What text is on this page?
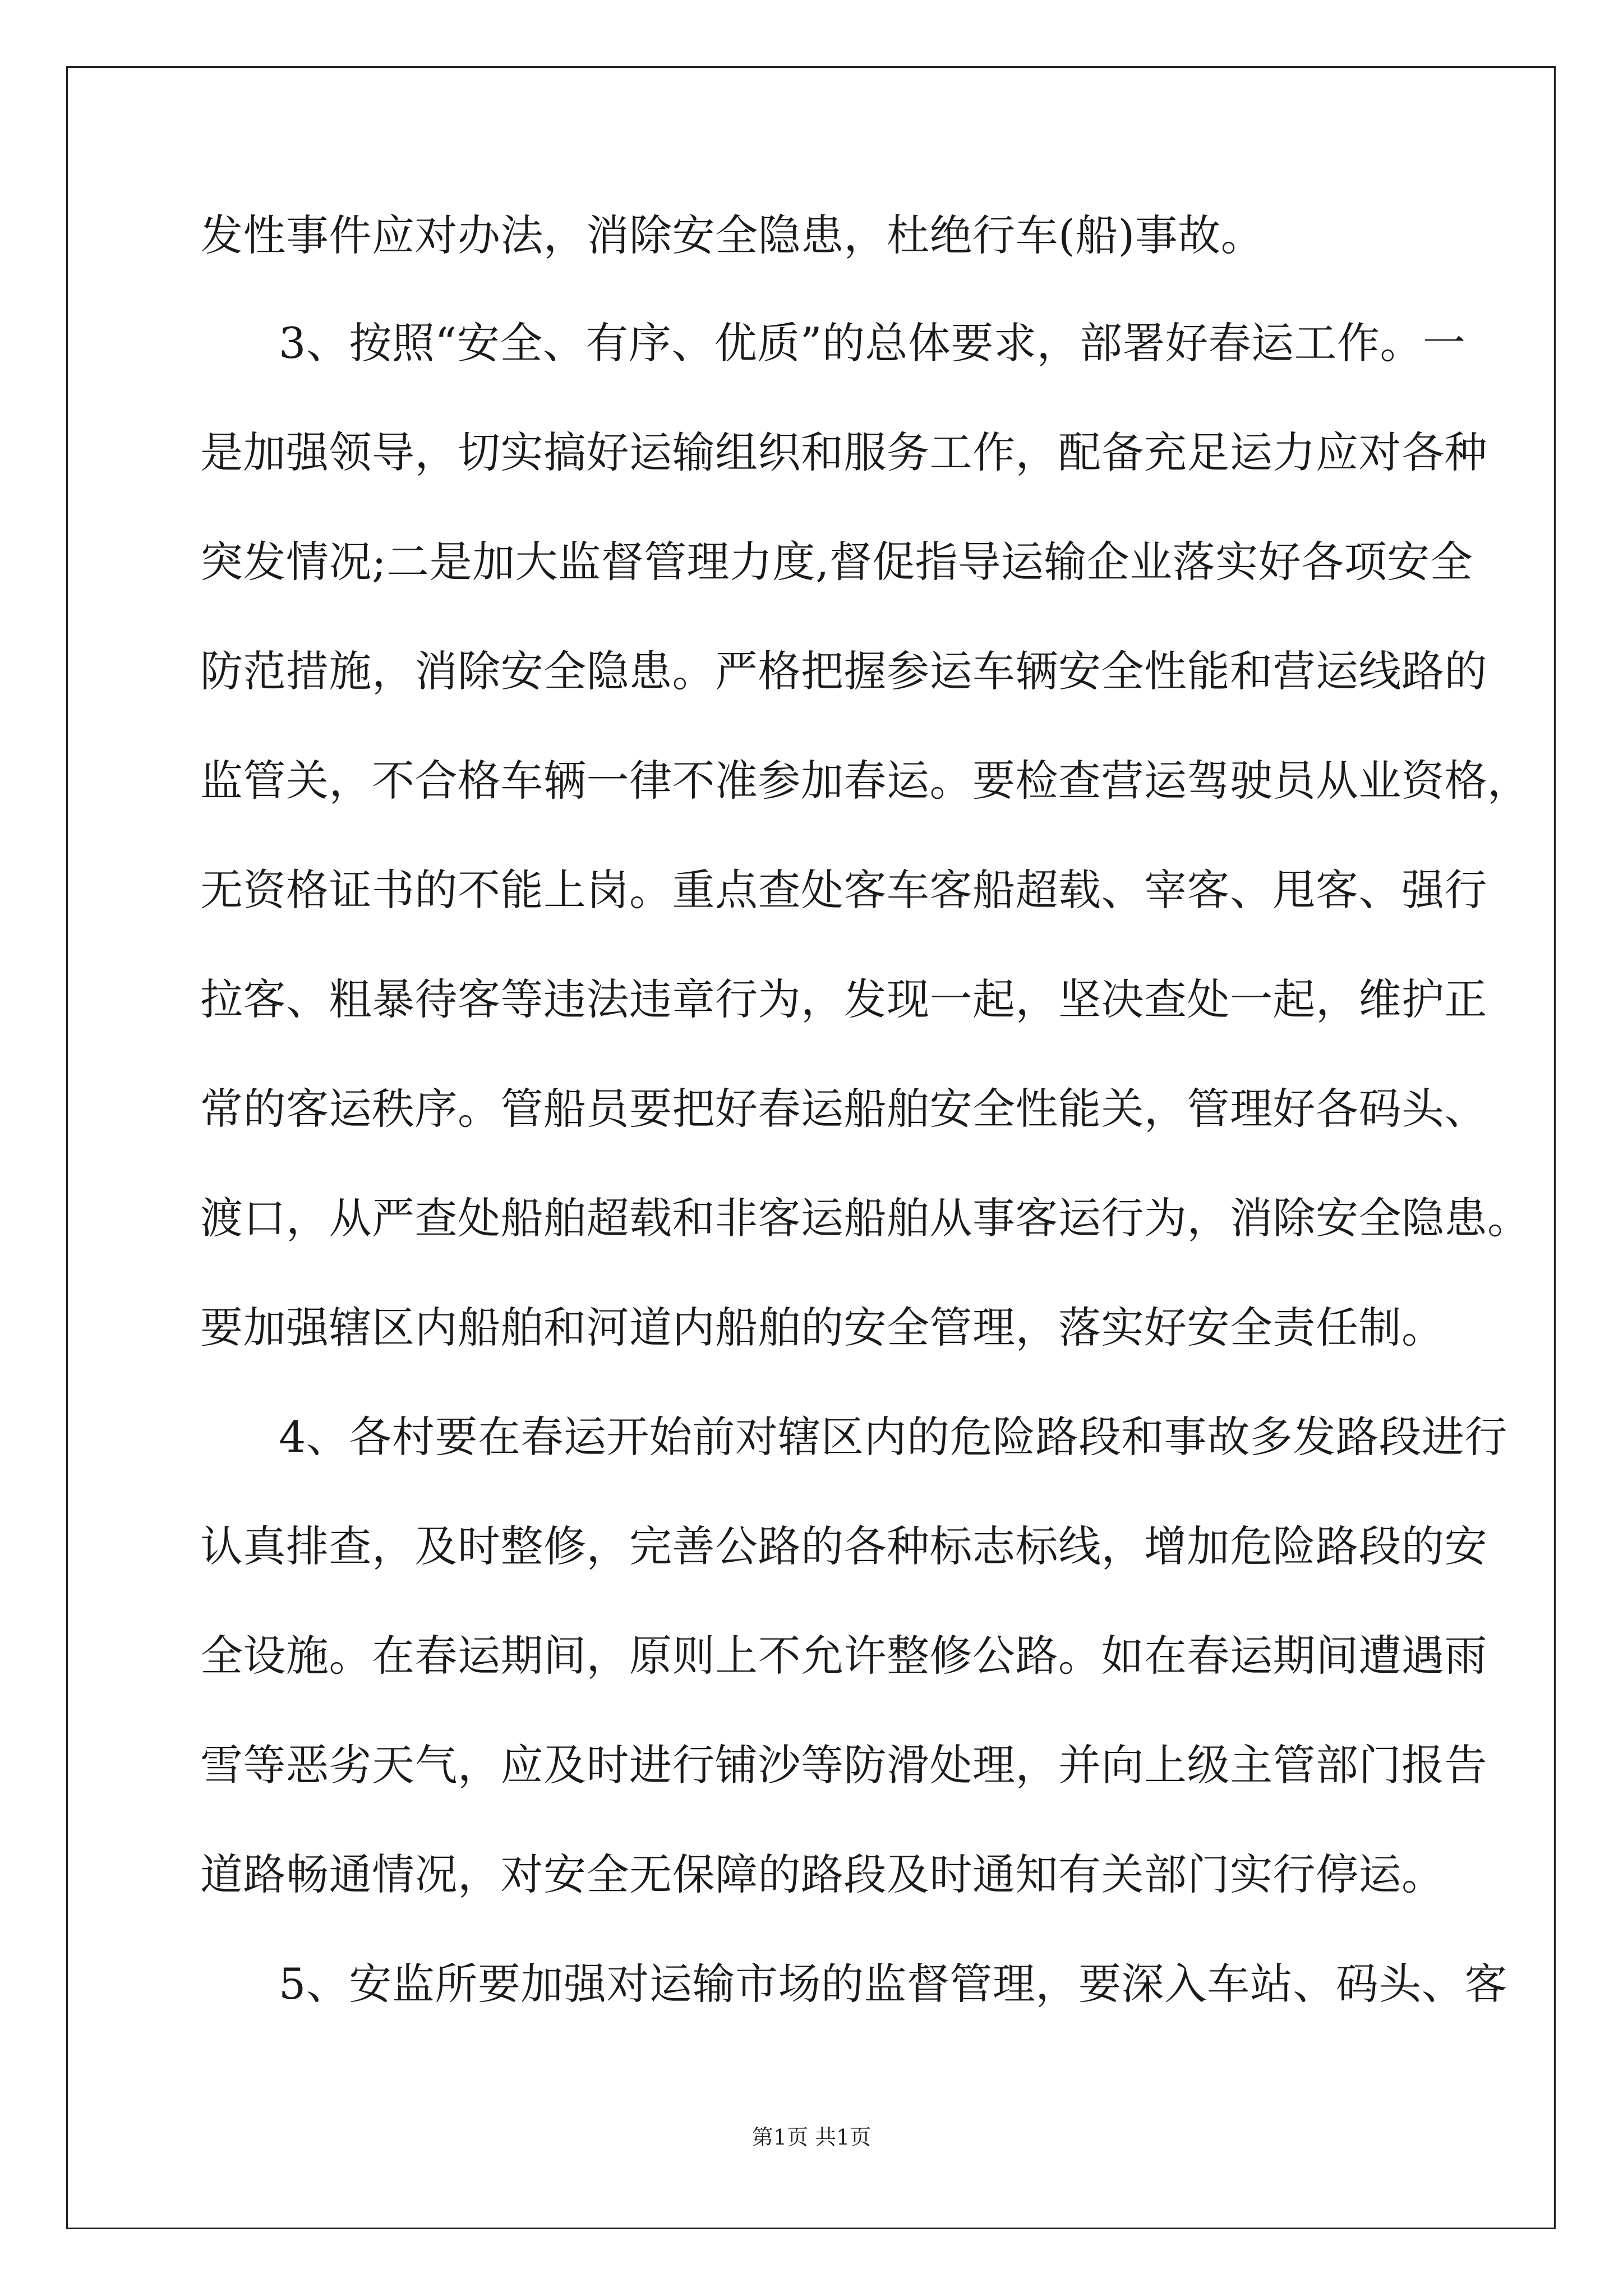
发性事件应对办法，消除安全隐患，杜绝行车(船)事故。

3、按照“安全、有序、优质”的总体要求，部署好春运工作。一

是加强领导，切实搞好运输组织和服务工作，配备充足运力应对各种

突发情况;二是加大监督管理力度,督促指导运输企业落实好各项安全

防范措施，消除安全隐患。严格把握参运车辆安全性能和营运线路的

监管关，不合格车辆一律不准参加春运。要检查营运驾驶员从业资格，

无资格证书的不能上岗。重点查处客车客船超载、宰客、甩客、强行

拉客、粗暴待客等违法违章行为，发现一起，坚决查处一起，维护正

常的客运秩序。管船员要把好春运船舶安全性能关，管理好各码头、

渡口，从严查处船舶超载和非客运船舶从事客运行为，消除安全隐患。

要加强辖区内船舶和河道内船舶的安全管理，落实好安全责任制。

4、各村要在春运开始前对辖区内的危险路段和事故多发路段进行

认真排查，及时整修，完善公路的各种标志标线，增加危险路段的安

全设施。在春运期间，原则上不允许整修公路。如在春运期间遭遇雨

雪等恶劣天气，应及时进行铺沙等防滑处理，并向上级主管部门报告

道路畅通情况，对安全无保障的路段及时通知有关部门实行停运。

5、安监所要加强对运输市场的监督管理，要深入车站、码头、客

第1页 共1页
